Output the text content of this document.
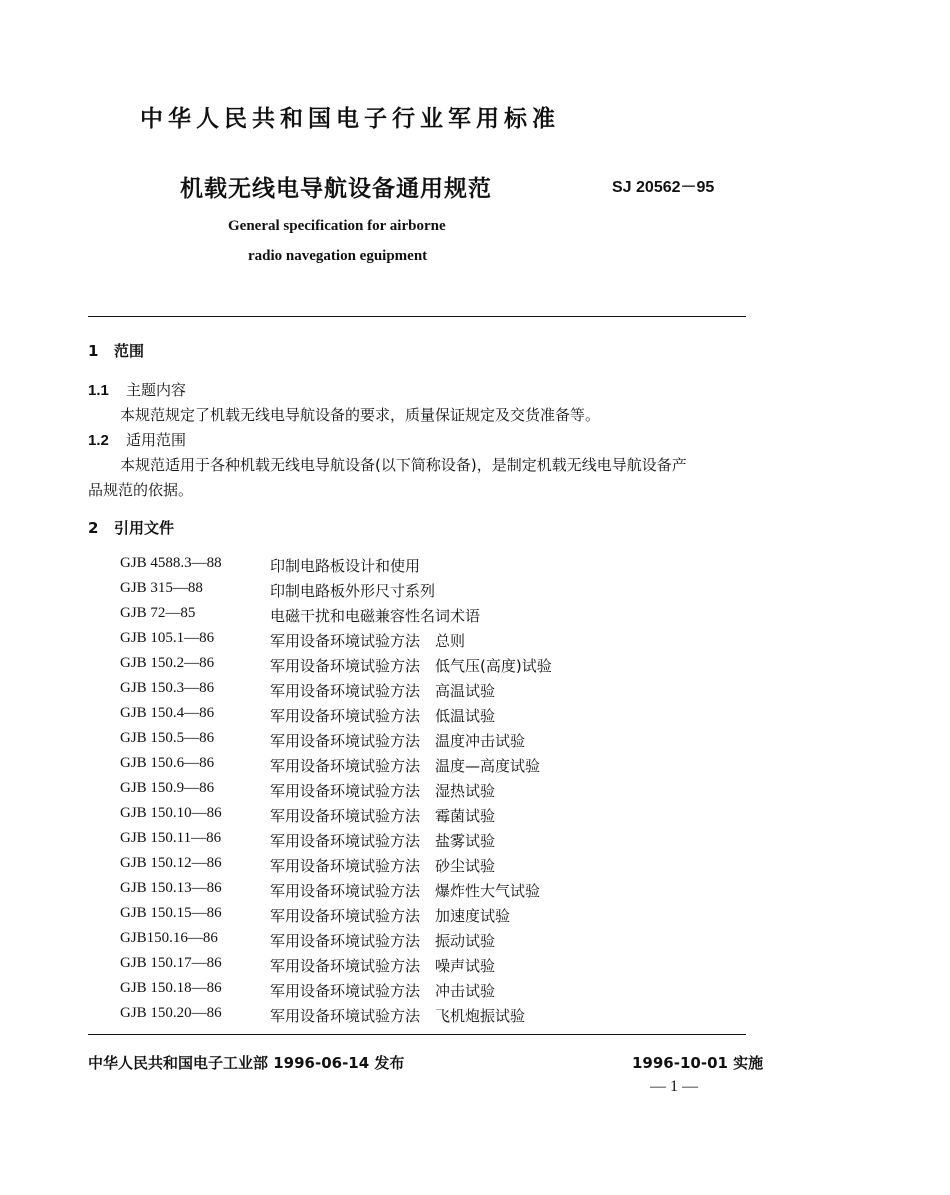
中华人民共和国电子行业军用标准
机载无线电导航设备通用规范	SJ 20562－95
General specification for airborne
radio navegation eguipment
1 范围
1.1 主题内容
本规范规定了机载无线电导航设备的要求，质量保证规定及交货准备等。
1.2 适用范围
本规范适用于各种机载无线电导航设备(以下简称设备)，是制定机载无线电导航设备产
品规范的依据。
2 引用文件
GJB 4588.3—88	印制电路板设计和使用
GJB 315—88	印制电路板外形尺寸系列
GJB 72—85	电磁干扰和电磁兼容性名词术语
GJB 105.1—86	军用设备环境试验方法　总则
GJB 150.2—86	军用设备环境试验方法　低气压(高度)试验
GJB 150.3—86	军用设备环境试验方法　高温试验
GJB 150.4—86	军用设备环境试验方法　低温试验
GJB 150.5—86	军用设备环境试验方法　温度冲击试验
GJB 150.6—86	军用设备环境试验方法　温度—高度试验
GJB 150.9—86	军用设备环境试验方法　湿热试验
GJB 150.10—86	军用设备环境试验方法　霉菌试验
GJB 150.11—86	军用设备环境试验方法　盐雾试验
GJB 150.12—86	军用设备环境试验方法　砂尘试验
GJB 150.13—86	军用设备环境试验方法　爆炸性大气试验
GJB 150.15—86	军用设备环境试验方法　加速度试验
GJB150.16—86	军用设备环境试验方法　振动试验
GJB 150.17—86	军用设备环境试验方法　噪声试验
GJB 150.18—86	军用设备环境试验方法　冲击试验
GJB 150.20—86	军用设备环境试验方法　飞机炮振试验
中华人民共和国电子工业部 1996-06-14 发布	1996-10-01 实施
— 1 —
